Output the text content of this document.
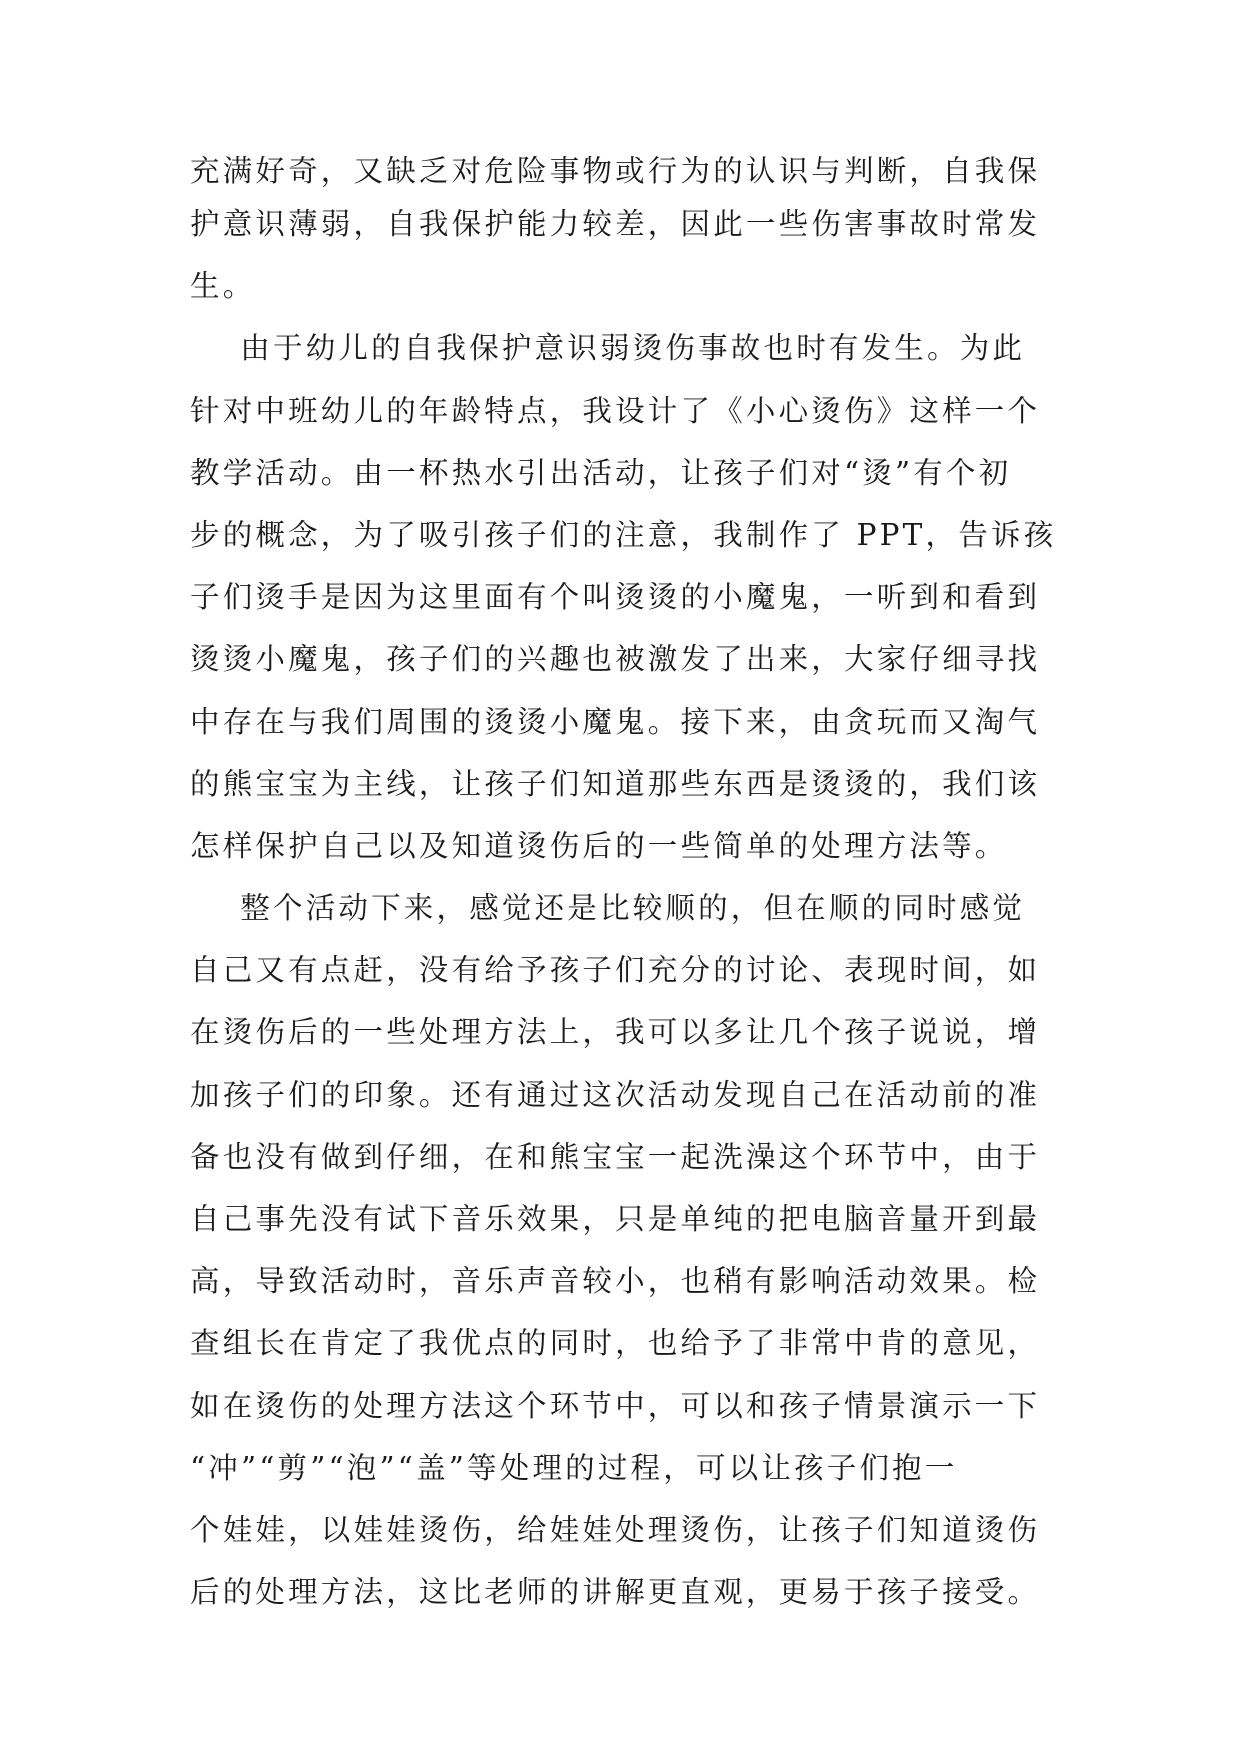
充满好奇，又缺乏对危险事物或行为的认识与判断，自我保
护意识薄弱，自我保护能力较差，因此一些伤害事故时常发
生。
由于幼儿的自我保护意识弱烫伤事故也时有发生。为此
针对中班幼儿的年龄特点，我设计了《小心烫伤》这样一个
教学活动。由一杯热水引出活动，让孩子们对“烫”有个初
步的概念，为了吸引孩子们的注意，我制作了 PPT，告诉孩
子们烫手是因为这里面有个叫烫烫的小魔鬼，一听到和看到
烫烫小魔鬼，孩子们的兴趣也被激发了出来，大家仔细寻找
中存在与我们周围的烫烫小魔鬼。接下来，由贪玩而又淘气
的熊宝宝为主线，让孩子们知道那些东西是烫烫的，我们该
怎样保护自己以及知道烫伤后的一些简单的处理方法等。
整个活动下来，感觉还是比较顺的，但在顺的同时感觉
自己又有点赶，没有给予孩子们充分的讨论、表现时间，如
在烫伤后的一些处理方法上，我可以多让几个孩子说说，增
加孩子们的印象。还有通过这次活动发现自己在活动前的准
备也没有做到仔细，在和熊宝宝一起洗澡这个环节中，由于
自己事先没有试下音乐效果，只是单纯的把电脑音量开到最
高，导致活动时，音乐声音较小，也稍有影响活动效果。检
查组长在肯定了我优点的同时，也给予了非常中肯的意见，
如在烫伤的处理方法这个环节中，可以和孩子情景演示一下
“冲”“剪”“泡”“盖”等处理的过程，可以让孩子们抱一
个娃娃，以娃娃烫伤，给娃娃处理烫伤，让孩子们知道烫伤
后的处理方法，这比老师的讲解更直观，更易于孩子接受。
